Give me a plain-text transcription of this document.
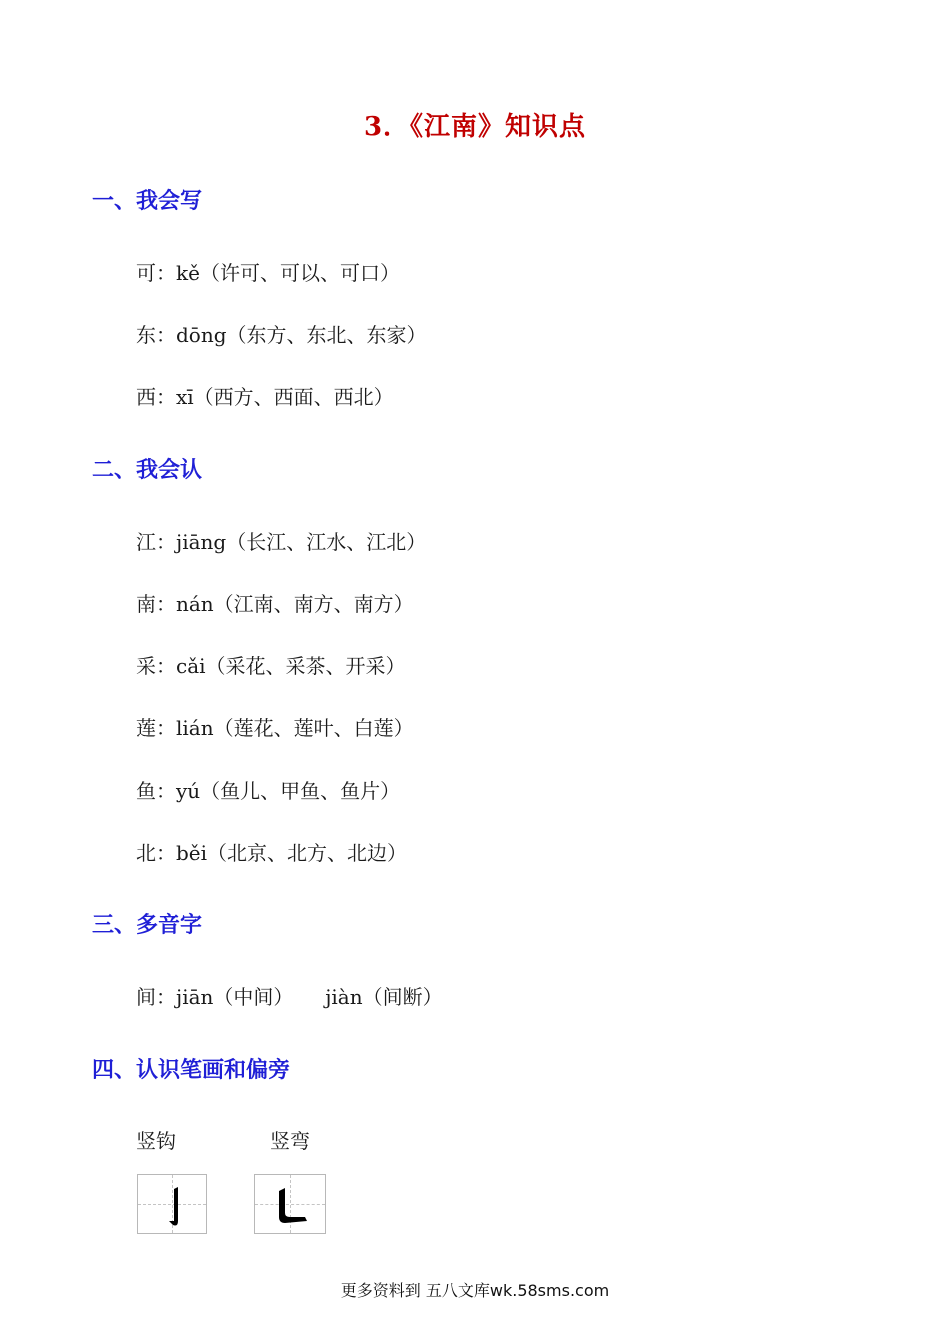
3．《江南》知识点
一、我会写
可：kě（许可、可以、可口）
东：dōng（东方、东北、东家）
西：xī（西方、西面、西北）
二、我会认
江：jiāng（长江、江水、江北）
南：nán（江南、南方、南方）
采：cǎi（采花、采茶、开采）
莲：lián（莲花、莲叶、白莲）
鱼：yú（鱼儿、甲鱼、鱼片）
北：běi（北京、北方、北边）
三、多音字
间：jiān（中间）     jiàn（间断）
四、认识笔画和偏旁
竖钩	竖弯
更多资料到 五八文库wk.58sms.com
